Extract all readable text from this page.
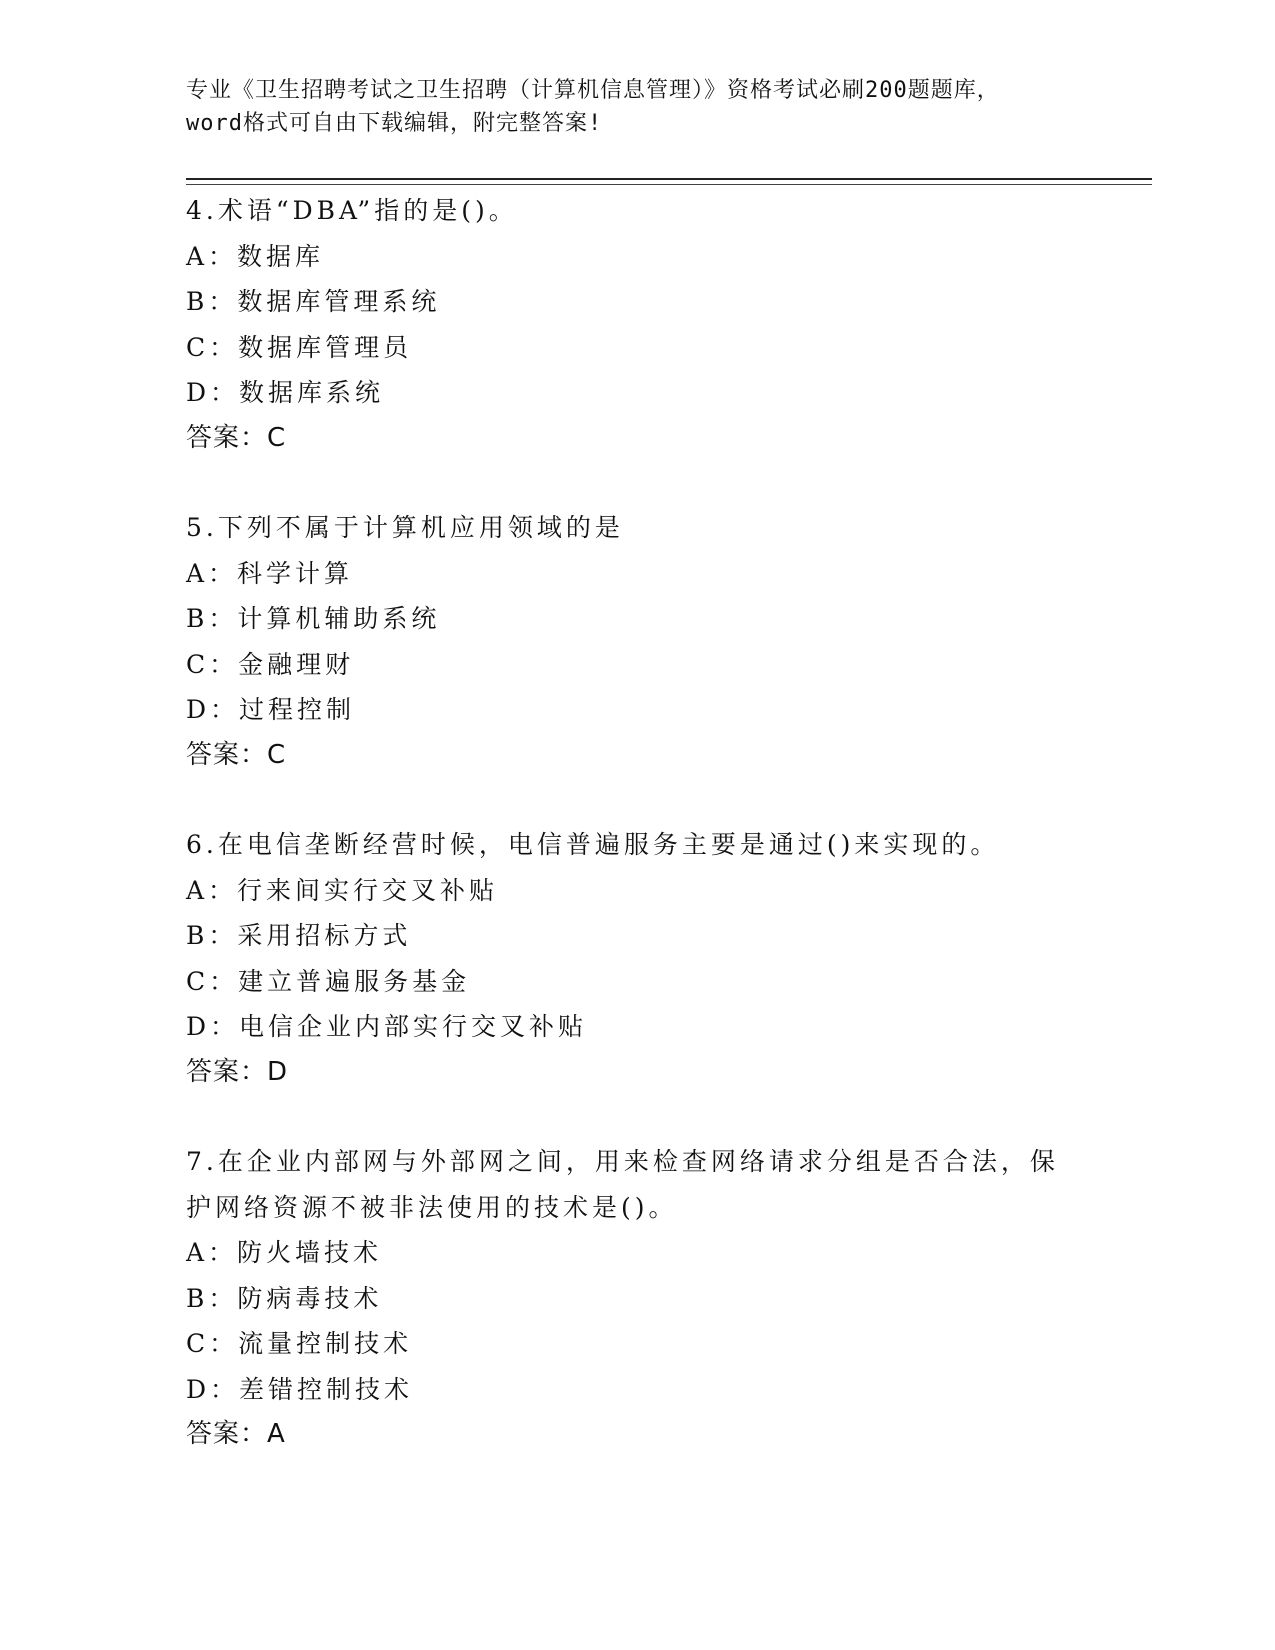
专业《卫生招聘考试之卫生招聘（计算机信息管理）》资格考试必刷200题题库，
word格式可自由下载编辑，附完整答案!
4.术语“DBA”指的是()。
A：数据库
B：数据库管理系统
C：数据库管理员
D：数据库系统
答案：C
5.下列不属于计算机应用领域的是
A：科学计算
B：计算机辅助系统
C：金融理财
D：过程控制
答案：C
6.在电信垄断经营时候，电信普遍服务主要是通过()来实现的。
A：行来间实行交叉补贴
B：采用招标方式
C：建立普遍服务基金
D：电信企业内部实行交叉补贴
答案：D
7.在企业内部网与外部网之间，用来检查网络请求分组是否合法，保
护网络资源不被非法使用的技术是()。
A：防火墙技术
B：防病毒技术
C：流量控制技术
D：差错控制技术
答案：A
